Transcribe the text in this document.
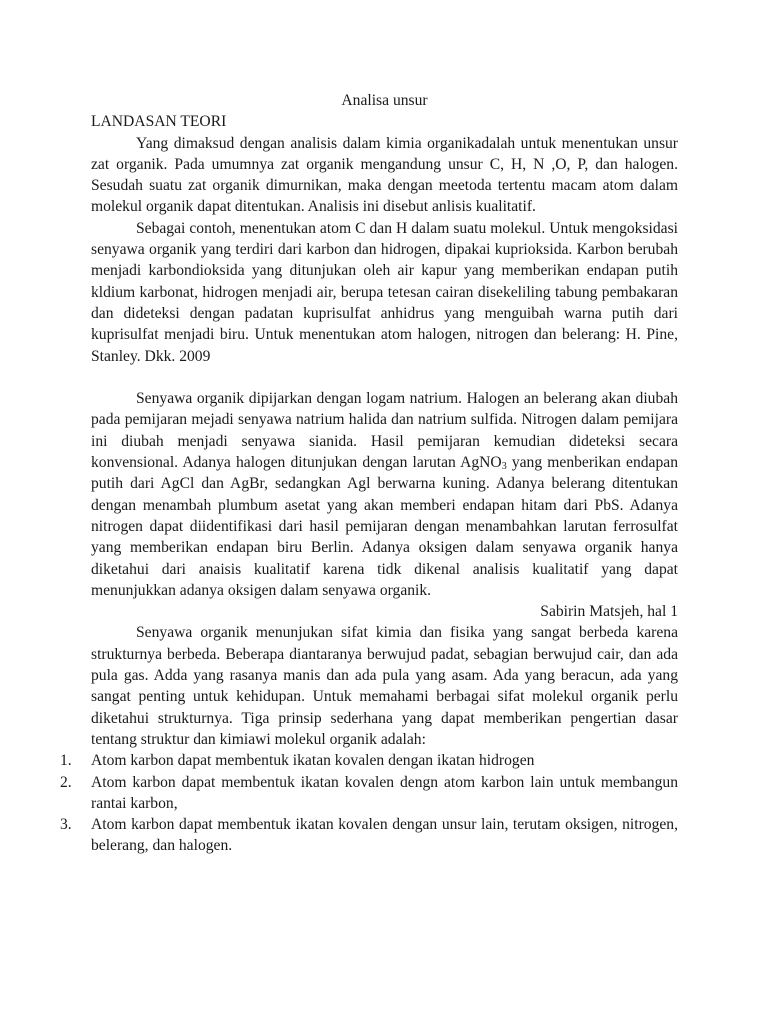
Analisa unsur

LANDASAN TEORI

Yang dimaksud dengan analisis dalam kimia organikadalah untuk menentukan unsur zat organik. Pada umumnya zat organik mengandung unsur C, H, N ,O, P, dan halogen. Sesudah suatu zat organik dimurnikan, maka dengan meetoda tertentu macam atom dalam molekul organik dapat ditentukan. Analisis ini disebut anlisis kualitatif.

Sebagai contoh, menentukan atom C dan H dalam suatu molekul. Untuk mengoksidasi senyawa organik yang terdiri dari karbon dan hidrogen, dipakai kuprioksida. Karbon berubah menjadi karbondioksida yang ditunjukan oleh air kapur yang memberikan endapan putih kldium karbonat, hidrogen menjadi air, berupa tetesan cairan disekeliling tabung pembakaran dan dideteksi dengan padatan kuprisulfat anhidrus yang menguibah warna putih dari kuprisulfat menjadi biru. Untuk menentukan atom halogen, nitrogen dan belerang: H. Pine, Stanley. Dkk. 2009

Senyawa organik dipijarkan dengan logam natrium. Halogen an belerang akan diubah pada pemijaran mejadi senyawa natrium halida dan natrium sulfida. Nitrogen dalam pemijara ini diubah menjadi senyawa sianida. Hasil pemijaran kemudian dideteksi secara konvensional. Adanya halogen ditunjukan dengan larutan AgNO$_3$ yang menberikan endapan putih dari AgCl dan AgBr, sedangkan Agl berwarna kuning. Adanya belerang ditentukan dengan menambah plumbum asetat yang akan memberi endapan hitam dari PbS. Adanya nitrogen dapat diidentifikasi dari hasil pemijaran dengan menambahkan larutan ferrosulfat yang memberikan endapan biru Berlin. Adanya oksigen dalam senyawa organik hanya diketahui dari anaisis kualitatif karena tidk dikenal analisis kualitatif yang dapat menunjukkan adanya oksigen dalam senyawa organik.

Sabirin Matsjeh, hal 1

Senyawa organik menunjukan sifat kimia dan fisika yang sangat berbeda karena strukturnya berbeda. Beberapa diantaranya berwujud padat, sebagian berwujud cair, dan ada pula gas. Adda yang rasanya manis dan ada pula yang asam. Ada yang beracun, ada yang sangat penting untuk kehidupan. Untuk memahami berbagai sifat molekul organik perlu diketahui strukturnya. Tiga prinsip sederhana yang dapat memberikan pengertian dasar tentang struktur dan kimiawi molekul organik adalah:

1.	Atom karbon dapat membentuk ikatan kovalen dengan ikatan hidrogen
2.	Atom karbon dapat membentuk ikatan kovalen dengn atom karbon lain untuk membangun rantai karbon,
3.	Atom karbon dapat membentuk ikatan kovalen dengan unsur lain, terutam oksigen, nitrogen, belerang, dan halogen.
